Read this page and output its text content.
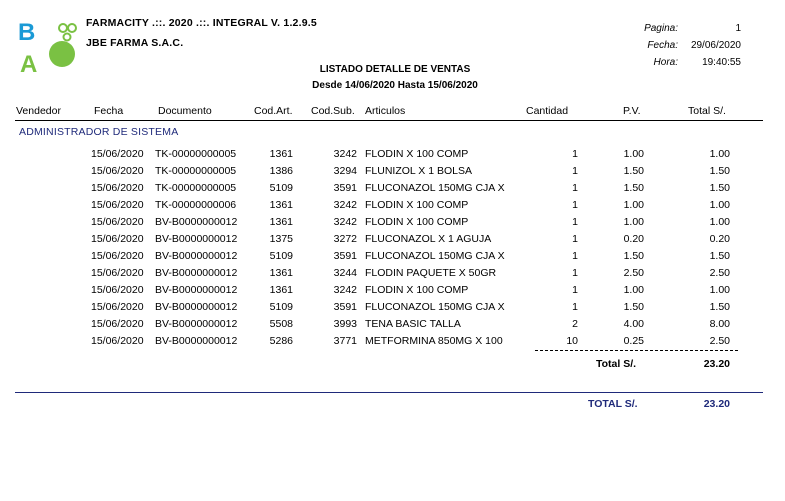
B
A
FARMACITY .::. 2020 .::. INTEGRAL V. 1.2.9.5
JBE FARMA S.A.C.
Pagina:	1
Fecha:	29/06/2020
Hora:	19:40:55
LISTADO DETALLE DE VENTAS
Desde 14/06/2020 Hasta 15/06/2020
Vendedor	Fecha	Documento	Cod.Art. Cod.Sub. Articulos	Cantidad	P.V.	Total S/.
ADMINISTRADOR DE SISTEMA
15/06/2020 TK-00000000005	1361	3242 FLODIN X 100 COMP	1	1.00	1.00
15/06/2020 TK-00000000005	1386	3294 FLUNIZOL X 1 BOLSA	1	1.50	1.50
15/06/2020 TK-00000000005	5109	3591 FLUCONAZOL 150MG CJA X	1	1.50	1.50
15/06/2020 TK-00000000006	1361	3242 FLODIN X 100 COMP	1	1.00	1.00
15/06/2020 BV-B0000000012	1361	3242 FLODIN X 100 COMP	1	1.00	1.00
15/06/2020 BV-B0000000012	1375	3272 FLUCONAZOL X 1 AGUJA	1	0.20	0.20
15/06/2020 BV-B0000000012	5109	3591 FLUCONAZOL 150MG CJA X	1	1.50	1.50
15/06/2020 BV-B0000000012	1361	3244 FLODIN PAQUETE X 50GR	1	2.50	2.50
15/06/2020 BV-B0000000012	1361	3242 FLODIN X 100 COMP	1	1.00	1.00
15/06/2020 BV-B0000000012	5109	3591 FLUCONAZOL 150MG CJA X	1	1.50	1.50
15/06/2020 BV-B0000000012	5508	3993 TENA BASIC TALLA	2	4.00	8.00
15/06/2020 BV-B0000000012	5286	3771 METFORMINA 850MG X 100	10	0.25	2.50
Total S/.	23.20
TOTAL S/.	23.20
